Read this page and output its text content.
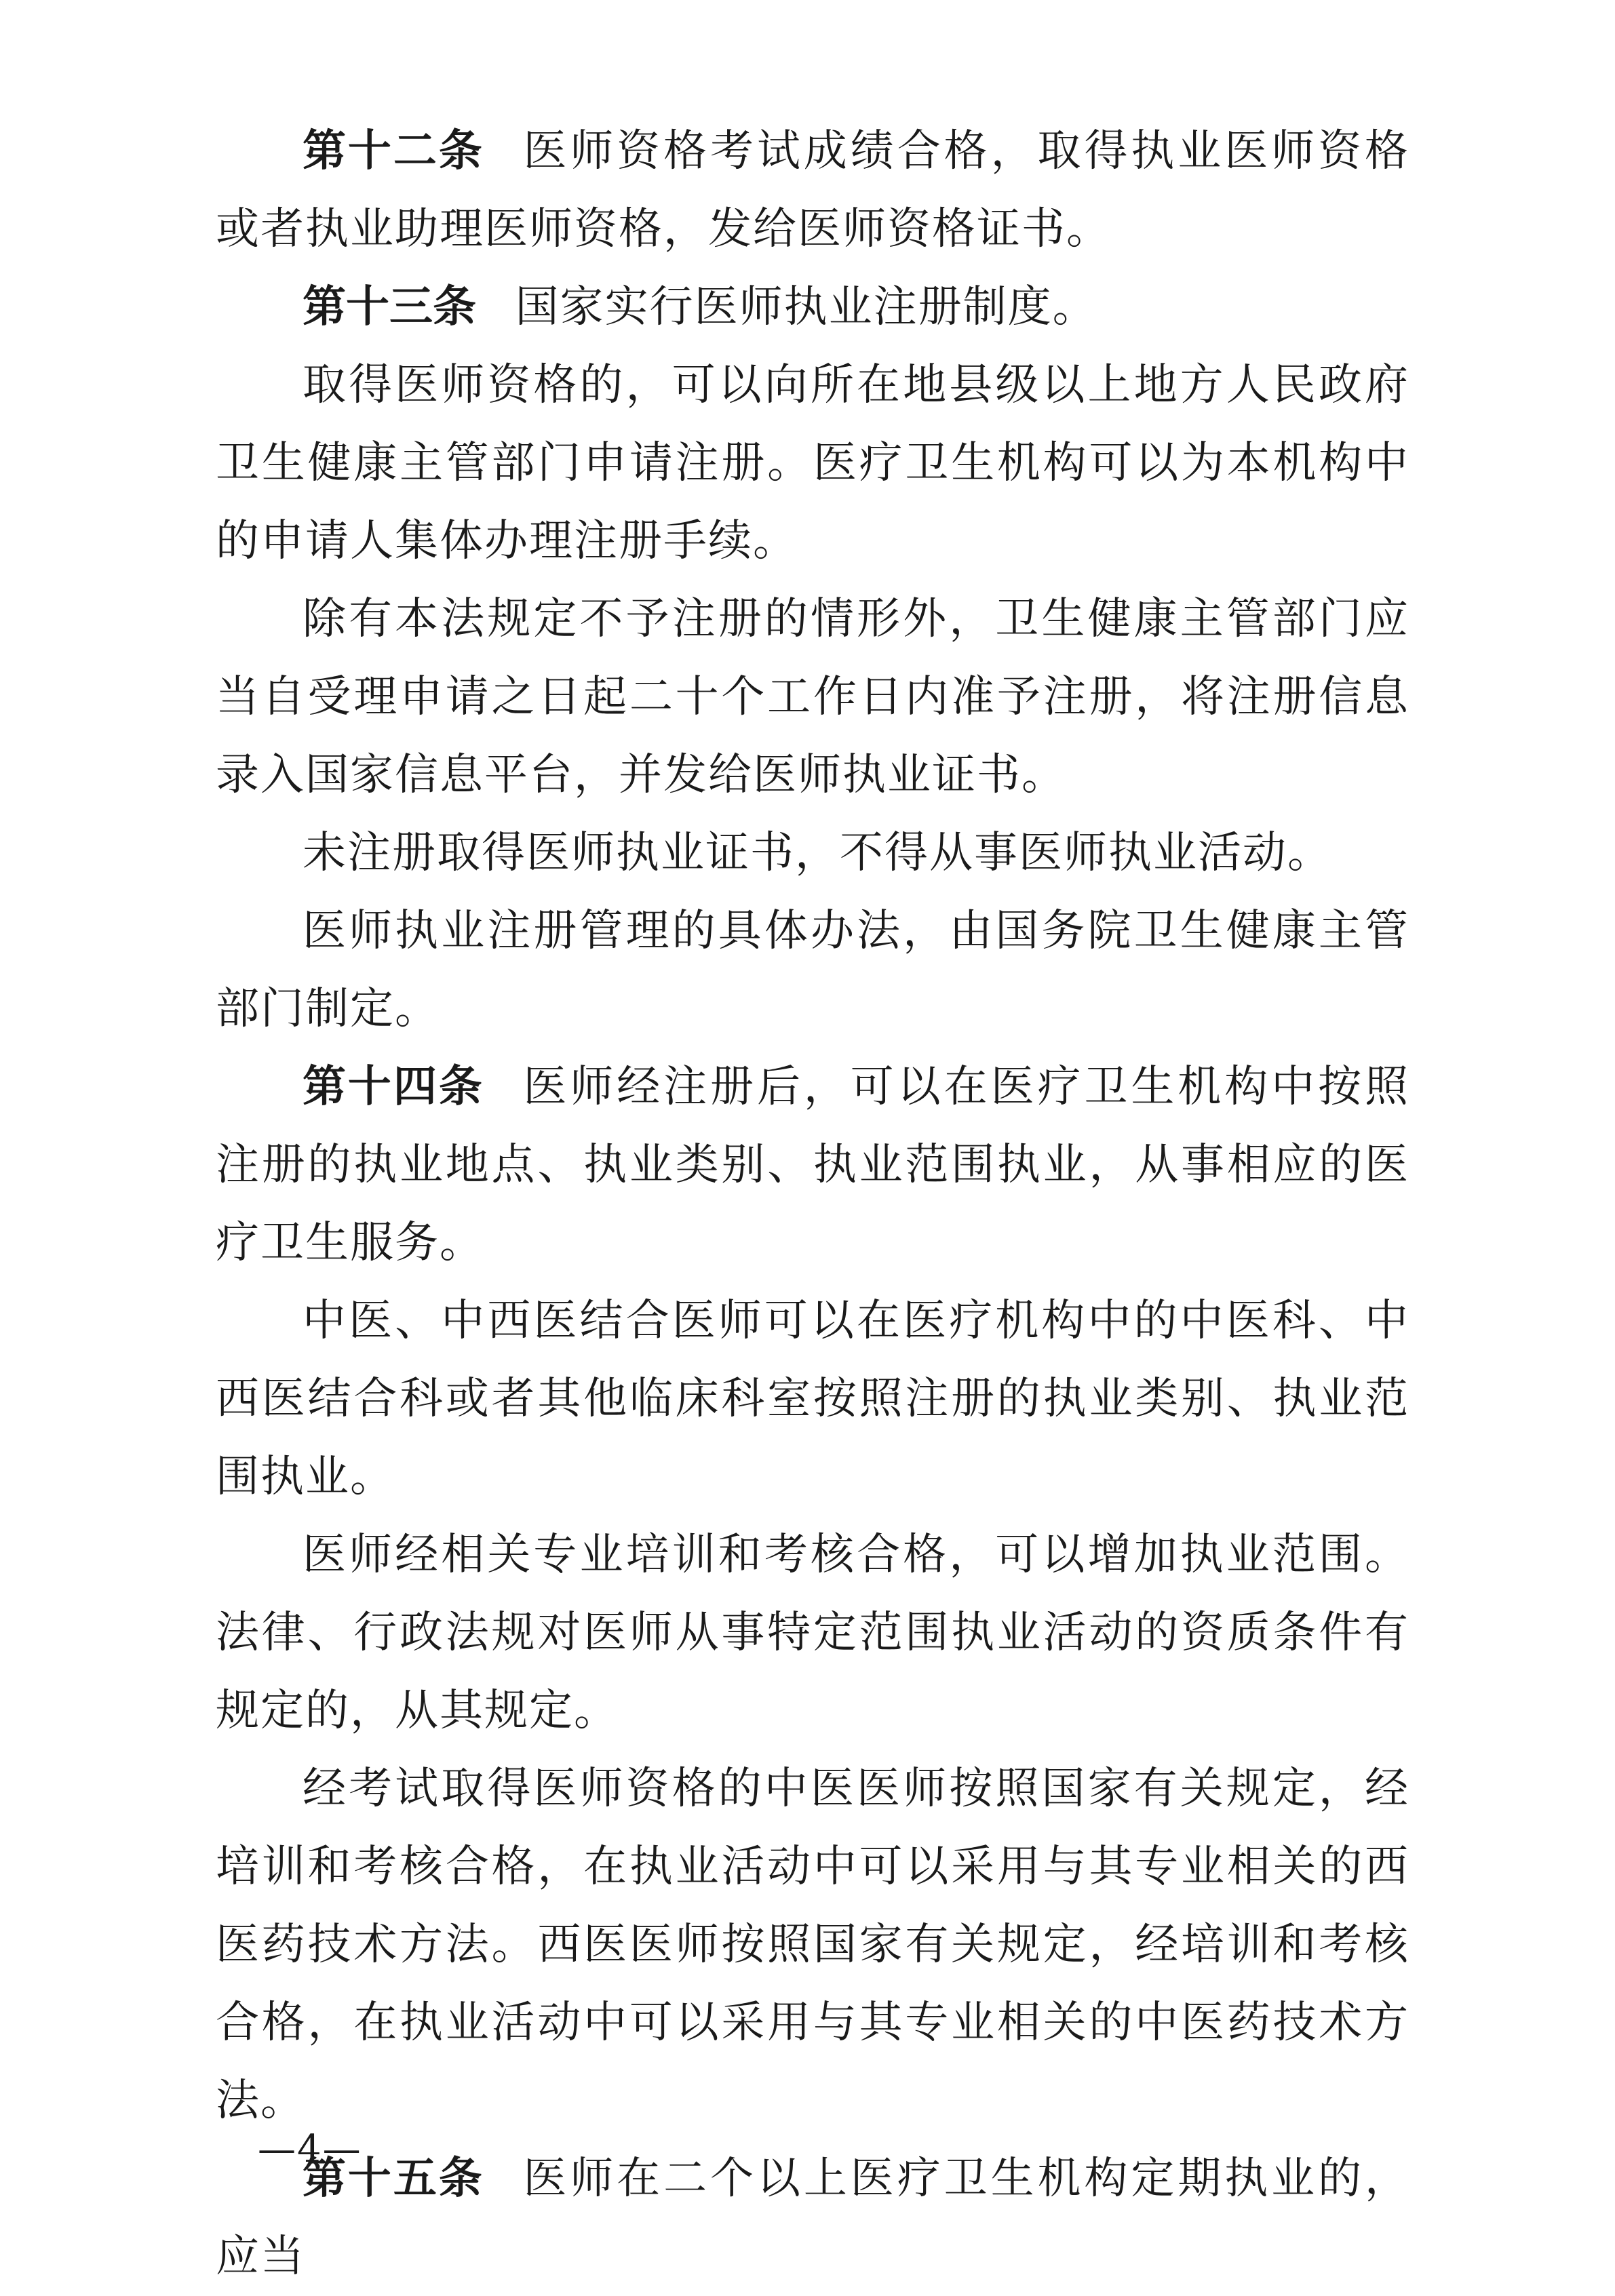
第十二条 医师资格考试成绩合格，取得执业医师资格或者执业助理医师资格，发给医师资格证书。

第十三条 国家实行医师执业注册制度。

取得医师资格的，可以向所在地县级以上地方人民政府卫生健康主管部门申请注册。医疗卫生机构可以为本机构中的申请人集体办理注册手续。

除有本法规定不予注册的情形外，卫生健康主管部门应当自受理申请之日起二十个工作日内准予注册，将注册信息录入国家信息平台，并发给医师执业证书。

未注册取得医师执业证书，不得从事医师执业活动。

医师执业注册管理的具体办法，由国务院卫生健康主管部门制定。

第十四条 医师经注册后，可以在医疗卫生机构中按照注册的执业地点、执业类别、执业范围执业，从事相应的医疗卫生服务。

中医、中西医结合医师可以在医疗机构中的中医科、中西医结合科或者其他临床科室按照注册的执业类别、执业范围执业。

医师经相关专业培训和考核合格，可以增加执业范围。法律、行政法规对医师从事特定范围执业活动的资质条件有规定的，从其规定。

经考试取得医师资格的中医医师按照国家有关规定，经培训和考核合格，在执业活动中可以采用与其专业相关的西医药技术方法。西医医师按照国家有关规定，经培训和考核合格，在执业活动中可以采用与其专业相关的中医药技术方法。

第十五条 医师在二个以上医疗卫生机构定期执业的，应当

—4—
